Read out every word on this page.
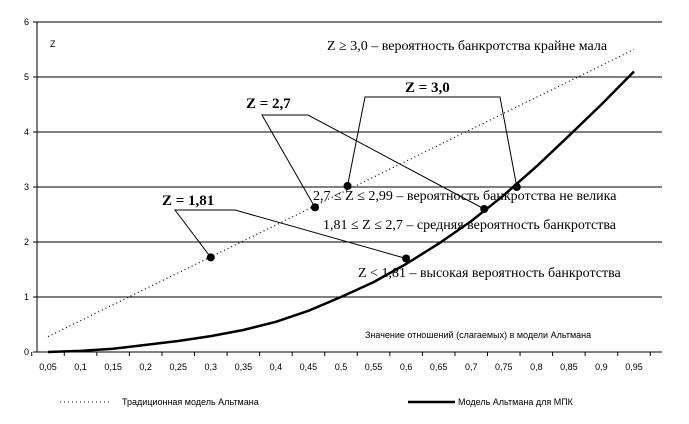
0
1
2
3
4
5
6
0,05 0,1 0,15 0,2 0,25 0,3 0,35 0,4 0,45 0,5 0,55 0,6 0,65 0,7 0,75 0,8 0,85 0,9 0,95
Z ≥ 3,0 – вероятность банкротства крайне мала
2,7 ≤ Z ≤ 2,99 – вероятность банкротства не велика
1,81 ≤ Z ≤ 2,7 – средняя вероятность банкротства
Z < 1,81 – высокая вероятность банкротства
Z = 1,81
Z = 2,7
Z = 3,0
Z
Значение отношений (слагаемых) в модели Альтмана
Традиционная модель Альтмана	Модель Альтмана для МПК
